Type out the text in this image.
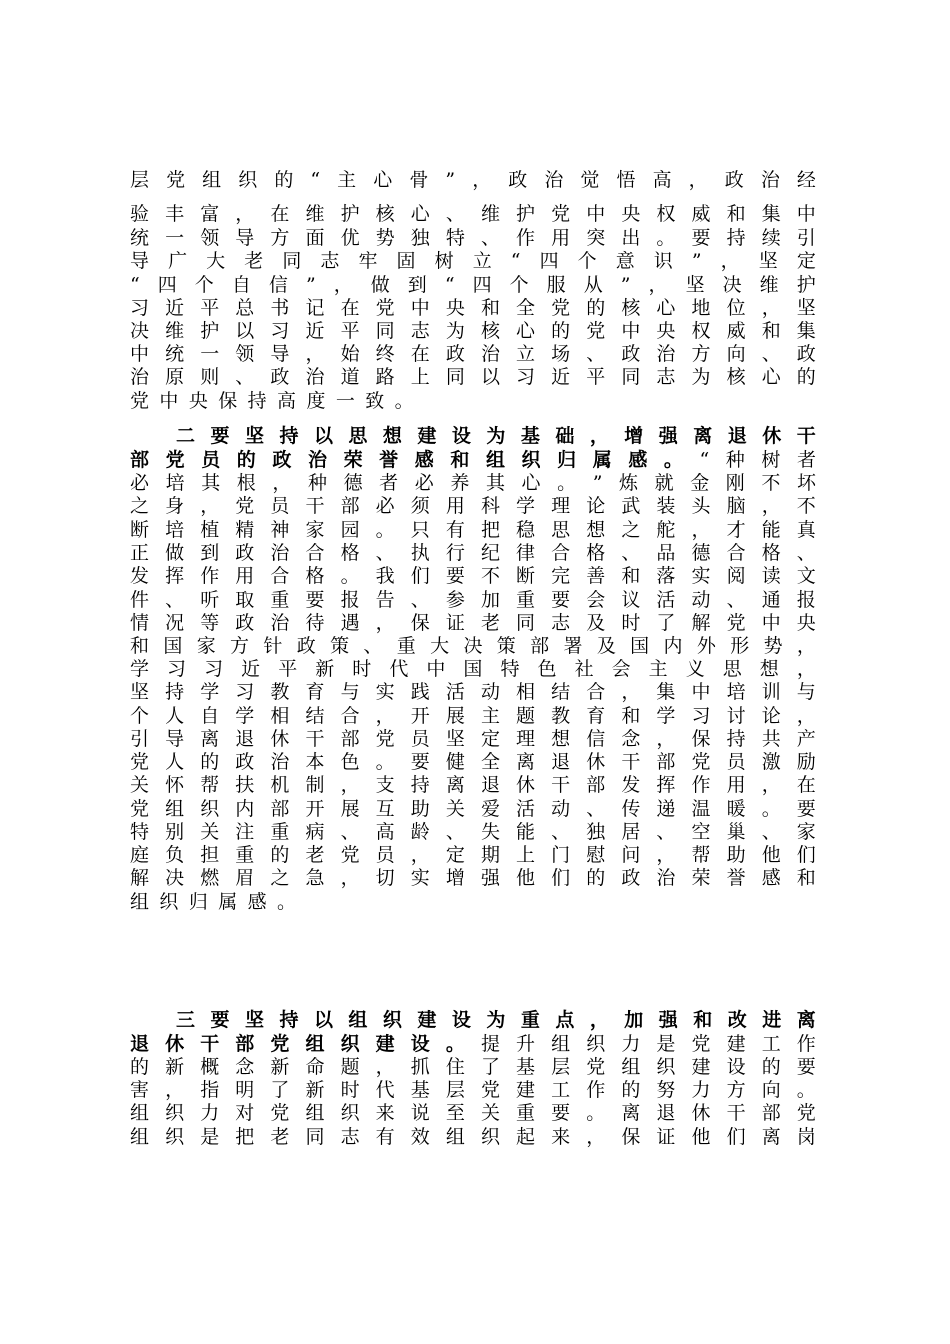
层 党 组 织 的 “ 主 心 骨 ” ， 政 治 觉 悟 高 ， 政 治 经
验 丰 富 ， 在 维 护 核 心 、 维 护 党 中 央 权 威 和 集 中
统 一 领 导 方 面 优 势 独 特 、 作 用 突 出 。 要 持 续 引
导 广 大 老 同 志 牢 固 树 立 “ 四 个 意 识 ” ， 坚 定
“ 四 个 自 信 ” ， 做 到 “ 四 个 服 从 ” ， 坚 决 维 护
习 近 平 总 书 记 在 党 中 央 和 全 党 的 核 心 地 位 ， 坚
决 维 护 以 习 近 平 同 志 为 核 心 的 党 中 央 权 威 和 集
中 统 一 领 导 ， 始 终 在 政 治 立 场 、 政 治 方 向 、 政
治 原 则 、 政 治 道 路 上 同 以 习 近 平 同 志 为 核 心 的
党 中 央 保 持 高 度 一 致 。
二 要 坚 持 以 思 想 建 设 为 基 础 ， 增 强 离 退 休 干
部 党 员 的 政 治 荣 誉 感 和 组 织 归 属 感 。 “ 种 树 者
必 培 其 根 ， 种 德 者 必 养 其 心 。 ” 炼 就 金 刚 不 坏
之 身 ， 党 员 干 部 必 须 用 科 学 理 论 武 装 头 脑 ， 不
断 培 植 精 神 家 园 。 只 有 把 稳 思 想 之 舵 ， 才 能 真
正 做 到 政 治 合 格 、 执 行 纪 律 合 格 、 品 德 合 格 、
发 挥 作 用 合 格 。 我 们 要 不 断 完 善 和 落 实 阅 读 文
件 、 听 取 重 要 报 告 、 参 加 重 要 会 议 活 动 、 通 报
情 况 等 政 治 待 遇 ， 保 证 老 同 志 及 时 了 解 党 中 央
和 国 家 方 针 政 策 、 重 大 决 策 部 署 及 国 内 外 形 势 ，
学 习 习 近 平 新 时 代 中 国 特 色 社 会 主 义 思 想 ，
坚 持 学 习 教 育 与 实 践 活 动 相 结 合 ， 集 中 培 训 与
个 人 自 学 相 结 合 ， 开 展 主 题 教 育 和 学 习 讨 论 ，
引 导 离 退 休 干 部 党 员 坚 定 理 想 信 念 ， 保 持 共 产
党 人 的 政 治 本 色 。 要 健 全 离 退 休 干 部 党 员 激 励
关 怀 帮 扶 机 制 ， 支 持 离 退 休 干 部 发 挥 作 用 ， 在
党 组 织 内 部 开 展 互 助 关 爱 活 动 、 传 递 温 暖 。 要
特 别 关 注 重 病 、 高 龄 、 失 能 、 独 居 、 空 巢 、 家
庭 负 担 重 的 老 党 员 ， 定 期 上 门 慰 问 ， 帮 助 他 们
解 决 燃 眉 之 急 ， 切 实 增 强 他 们 的 政 治 荣 誉 感 和
组 织 归 属 感 。
三 要 坚 持 以 组 织 建 设 为 重 点 ， 加 强 和 改 进 离
退 休 干 部 党 组 织 建 设 。 提 升 组 织 力 是 党 建 工 作
的 新 概 念 新 命 题 ， 抓 住 了 基 层 党 组 织 建 设 的 要
害 ， 指 明 了 新 时 代 基 层 党 建 工 作 的 努 力 方 向 。
组 织 力 对 党 组 织 来 说 至 关 重 要 。 离 退 休 干 部 党
组 织 是 把 老 同 志 有 效 组 织 起 来 ， 保 证 他 们 离 岗
